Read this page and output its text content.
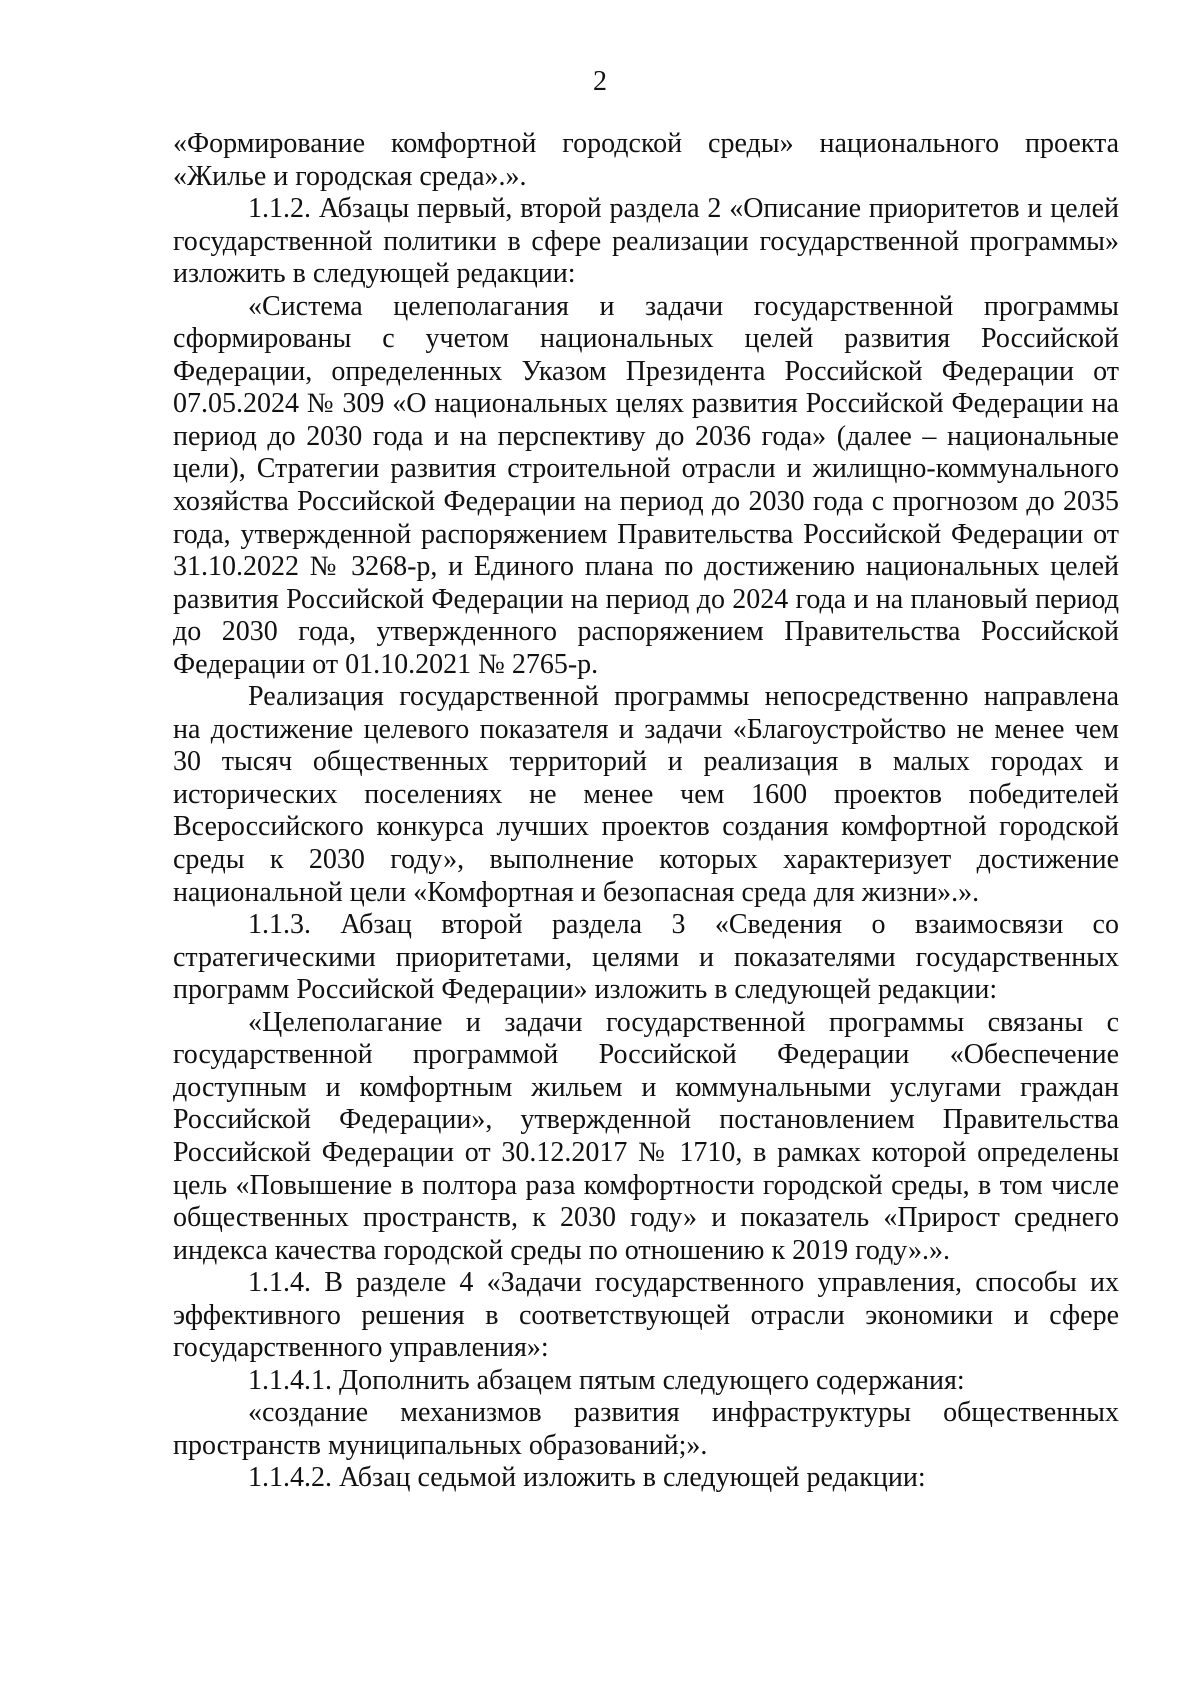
2

«Формирование комфортной городской среды» национального проекта «Жилье и городская среда».».

1.1.2. Абзацы первый, второй раздела 2 «Описание приоритетов и целей государственной политики в сфере реализации государственной программы» изложить в следующей редакции:

«Система целеполагания и задачи государственной программы сформированы с учетом национальных целей развития Российской Федерации, определенных Указом Президента Российской Федерации от 07.05.2024 № 309 «О национальных целях развития Российской Федерации на период до 2030 года и на перспективу до 2036 года» (далее – национальные цели), Стратегии развития строительной отрасли и жилищно-коммунального хозяйства Российской Федерации на период до 2030 года с прогнозом до 2035 года, утвержденной распоряжением Правительства Российской Федерации от 31.10.2022 № 3268-р, и Единого плана по достижению национальных целей развития Российской Федерации на период до 2024 года и на плановый период до 2030 года, утвержденного распоряжением Правительства Российской Федерации от 01.10.2021 № 2765-р.

Реализация государственной программы непосредственно направлена на достижение целевого показателя и задачи «Благоустройство не менее чем 30 тысяч общественных территорий и реализация в малых городах и исторических поселениях не менее чем 1600 проектов победителей Всероссийского конкурса лучших проектов создания комфортной городской среды к 2030 году», выполнение которых характеризует достижение национальной цели «Комфортная и безопасная среда для жизни».».

1.1.3. Абзац второй раздела 3 «Сведения о взаимосвязи со стратегическими приоритетами, целями и показателями государственных программ Российской Федерации» изложить в следующей редакции:

«Целеполагание и задачи государственной программы связаны с государственной программой Российской Федерации «Обеспечение доступным и комфортным жильем и коммунальными услугами граждан Российской Федерации», утвержденной постановлением Правительства Российской Федерации от 30.12.2017 № 1710, в рамках которой определены цель «Повышение в полтора раза комфортности городской среды, в том числе общественных пространств, к 2030 году» и показатель «Прирост среднего индекса качества городской среды по отношению к 2019 году».».

1.1.4. В разделе 4 «Задачи государственного управления, способы их эффективного решения в соответствующей отрасли экономики и сфере государственного управления»:

1.1.4.1. Дополнить абзацем пятым следующего содержания:

«создание механизмов развития инфраструктуры общественных пространств муниципальных образований;».

1.1.4.2. Абзац седьмой изложить в следующей редакции:
